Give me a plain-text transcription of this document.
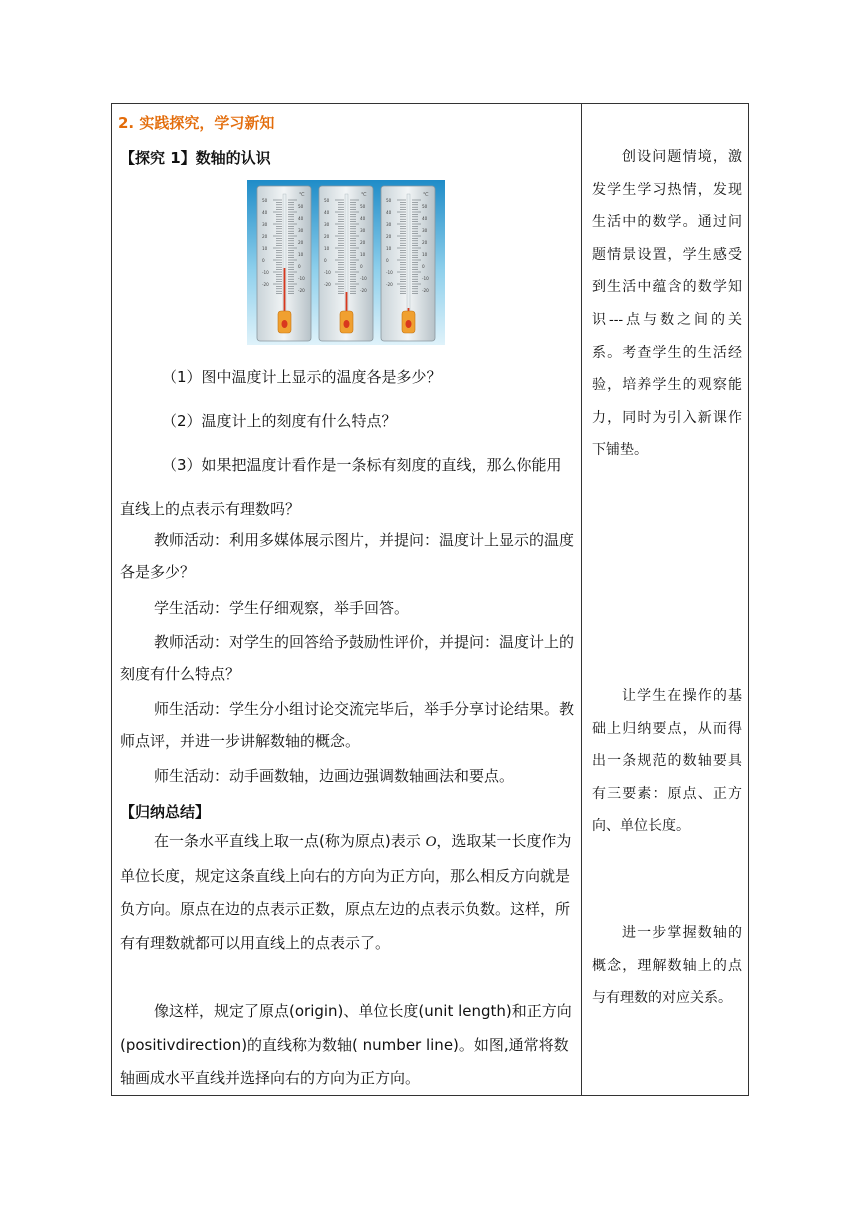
2. 实践探究，学习新知
【探究 1】数轴的认识
℃
50
50
40
40
30
30
20
20
10
10
0
0
-10
-10
-20
-20
℃
50
50
40
40
30
30
20
20
10
10
0
0
-10
-10
-20
-20
℃
50
50
40
40
30
30
20
20
10
10
0
0
-10
-10
-20
-20
（1）图中温度计上显示的温度各是多少？
（2）温度计上的刻度有什么特点？
（3）如果把温度计看作是一条标有刻度的直线，那么你能用直线上的点表示有理数吗？
教师活动：利用多媒体展示图片，并提问：温度计上显示的温度各是多少？
学生活动：学生仔细观察，举手回答。
教师活动：对学生的回答给予鼓励性评价，并提问：温度计上的刻度有什么特点？
师生活动：学生分小组讨论交流完毕后，举手分享讨论结果。教师点评，并进一步讲解数轴的概念。
师生活动：动手画数轴，边画边强调数轴画法和要点。
【归纳总结】
在一条水平直线上取一点(称为原点)表示 O，选取某一长度作为单位长度，规定这条直线上向右的方向为正方向，那么相反方向就是负方向。原点在边的点表示正数，原点左边的点表示负数。这样，所有有理数就都可以用直线上的点表示了。
像这样，规定了原点(origin)、单位长度(unit length)和正方向(positivdirection)的直线称为数轴( number line)。如图,通常将数轴画成水平直线并选择向右的方向为正方向。
创设问题情境，激发学生学习热情，发现生活中的数学。通过问题情景设置，学生感受到生活中蕴含的数学知识---点与数之间的关系。考查学生的生活经验，培养学生的观察能力，同时为引入新课作下铺垫。
让学生在操作的基础上归纳要点，从而得出一条规范的数轴要具有三要素：原点、正方向、单位长度。
进一步掌握数轴的概念，理解数轴上的点与有理数的对应关系。
